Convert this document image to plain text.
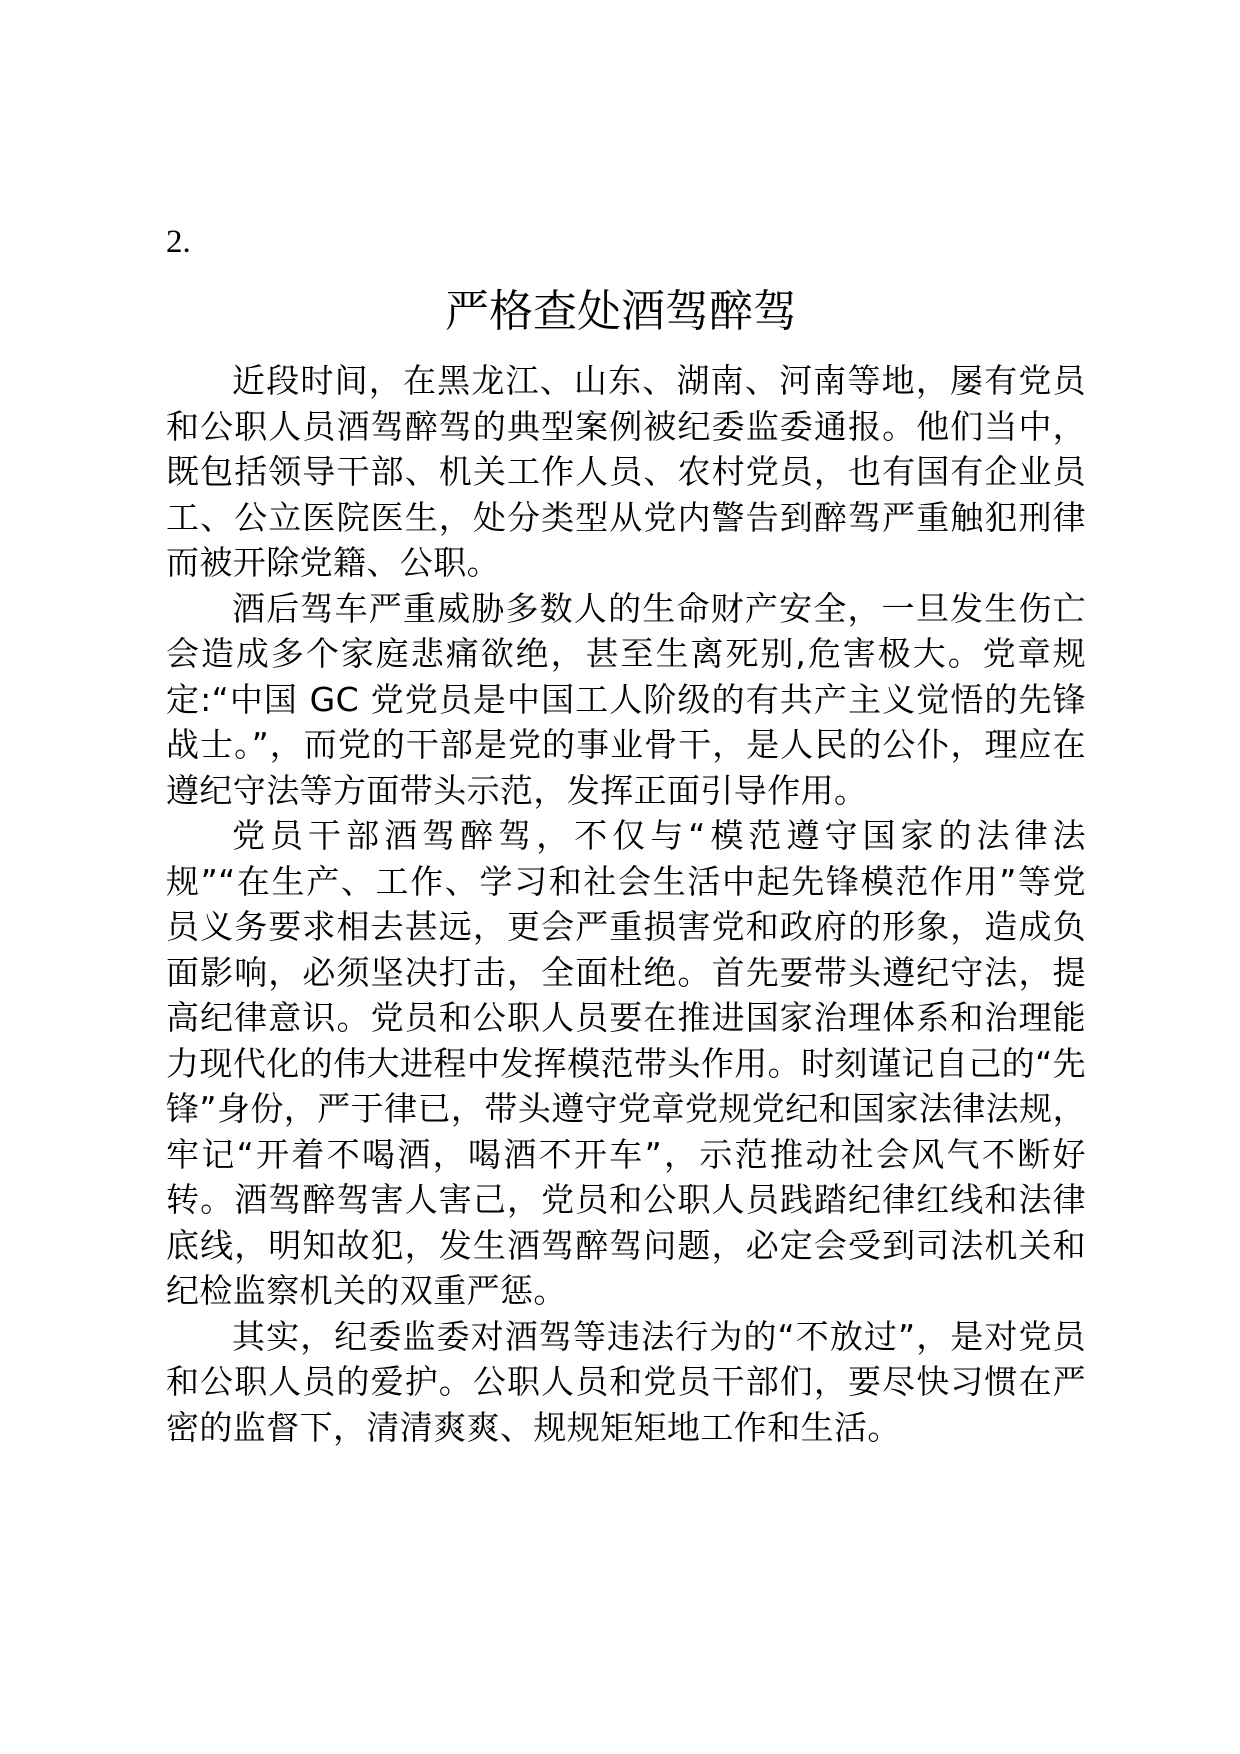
2.

严格查处酒驾醉驾

近段时间，在黑龙江、山东、湖南、河南等地，屡有党员和公职人员酒驾醉驾的典型案例被纪委监委通报。他们当中，既包括领导干部、机关工作人员、农村党员，也有国有企业员工、公立医院医生，处分类型从党内警告到醉驾严重触犯刑律而被开除党籍、公职。

酒后驾车严重威胁多数人的生命财产安全，一旦发生伤亡会造成多个家庭悲痛欲绝，甚至生离死别,危害极大。党章规定:“中国 GC 党党员是中国工人阶级的有共产主义觉悟的先锋战士。”，而党的干部是党的事业骨干，是人民的公仆，理应在遵纪守法等方面带头示范，发挥正面引导作用。

党员干部酒驾醉驾，不仅与“模范遵守国家的法律法规”“在生产、工作、学习和社会生活中起先锋模范作用”等党员义务要求相去甚远，更会严重损害党和政府的形象，造成负面影响，必须坚决打击，全面杜绝。首先要带头遵纪守法，提高纪律意识。党员和公职人员要在推进国家治理体系和治理能力现代化的伟大进程中发挥模范带头作用。时刻谨记自己的“先锋”身份，严于律已，带头遵守党章党规党纪和国家法律法规，牢记“开着不喝酒，喝酒不开车”，示范推动社会风气不断好转。酒驾醉驾害人害己，党员和公职人员践踏纪律红线和法律底线，明知故犯，发生酒驾醉驾问题，必定会受到司法机关和纪检监察机关的双重严惩。

其实，纪委监委对酒驾等违法行为的“不放过”，是对党员和公职人员的爱护。公职人员和党员干部们，要尽快习惯在严密的监督下，清清爽爽、规规矩矩地工作和生活。
